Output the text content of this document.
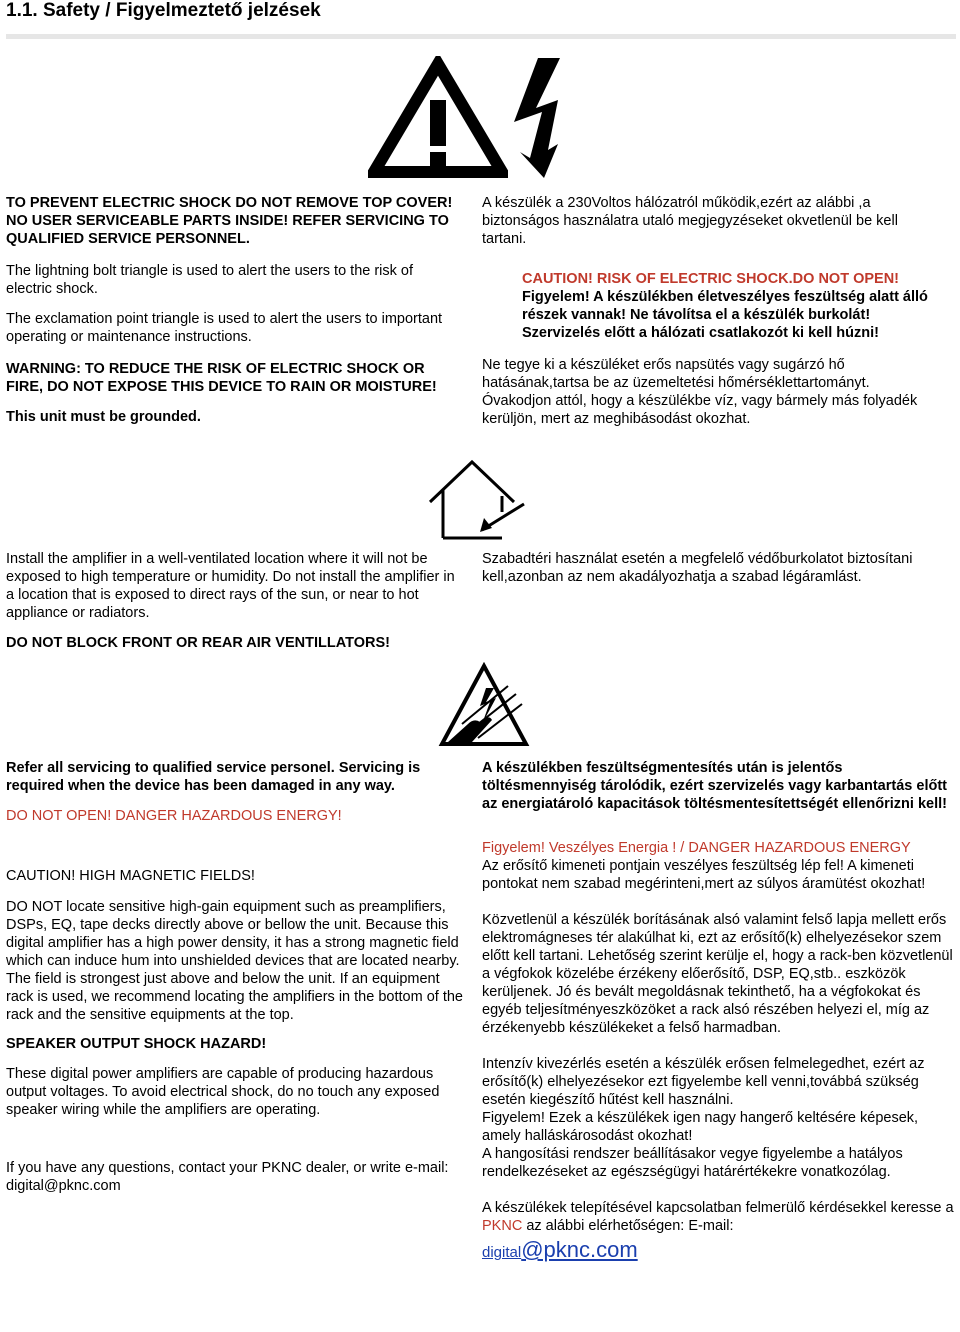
1.1. Safety / Figyelmeztető jelzések

TO PREVENT ELECTRIC SHOCK DO NOT REMOVE TOP COVER! NO USER SERVICEABLE PARTS INSIDE! REFER SERVICING TO QUALIFIED SERVICE PERSONNEL.

The lightning bolt triangle is used to alert the users to the risk of electric shock.

The exclamation point triangle is used to alert the users to important operating or maintenance instructions.

WARNING: TO REDUCE THE RISK OF ELECTRIC SHOCK OR FIRE, DO NOT EXPOSE THIS DEVICE TO RAIN OR MOISTURE!

This unit must be grounded.

A készülék a 230Voltos hálózatról működik,ezért az alábbi ,a biztonságos használatra utaló megjegyzéseket okvetlenül be kell tartani.

CAUTION! RISK OF ELECTRIC SHOCK.DO NOT OPEN!

Figyelem! A készülékben életveszélyes feszültség alatt álló részek vannak! Ne távolítsa el a készülék burkolát! Szervizelés előtt a hálózati csatlakozót ki kell húzni!

Ne tegye ki a készüléket erős napsütés vagy sugárzó hő hatásának,tartsa be az üzemeltetési hőmérséklettartományt. Óvakodjon attól, hogy a készülékbe víz, vagy bármely más folyadék kerüljön, mert az meghibásodást okozhat.

Install the amplifier in a well-ventilated location where it will not be exposed to high temperature or humidity. Do not install the amplifier in a location that is exposed to direct rays of the sun, or near to hot appliance or radiators.

DO NOT BLOCK FRONT OR REAR AIR VENTILLATORS!

Szabadtéri használat esetén a megfelelő védőburkolatot biztosítani kell,azonban az nem akadályozhatja a szabad légáramlást.

Refer all servicing to qualified service personel. Servicing is required when the device has been damaged in any way.

DO NOT OPEN! DANGER HAZARDOUS ENERGY!

CAUTION! HIGH MAGNETIC FIELDS!

DO NOT locate sensitive high-gain equipment such as preamplifiers, DSPs, EQ, tape decks directly above or bellow the unit. Because this digital amplifier has a high power density, it has a strong magnetic field which can induce hum into unshielded devices that are located nearby. The field is strongest just above and below the unit. If an equipment rack is used, we recommend locating the amplifiers in the bottom of the rack and the sensitive equipments at the top.

SPEAKER OUTPUT SHOCK HAZARD!

These digital power amplifiers are capable of producing hazardous output voltages. To avoid electrical shock, do no touch any exposed speaker wiring while the amplifiers are operating.

If you have any questions, contact your PKNC dealer, or write e-mail: digital@pknc.com

A készülékben feszültségmentesítés után is jelentős töltésmennyiség tárolódik, ezért szervizelés vagy karbantartás előtt az energiatároló kapacitások töltésmentesítettségét ellenőrizni kell!

Figyelem! Veszélyes Energia ! / DANGER HAZARDOUS ENERGY

Az erősítő kimeneti pontjain veszélyes feszültség lép fel! A kimeneti pontokat nem szabad megérinteni,mert az súlyos áramütést okozhat!

Közvetlenül a készülék borításának alsó valamint felső lapja mellett erős elektromágneses tér alakúlhat ki, ezt az erősítő(k) elhelyezésekor szem előtt kell tartani. Lehetőség szerint kerülje el, hogy a rack-ben közvetlenül a végfokok közelébe érzékeny előerősítő, DSP, EQ,stb.. eszközök kerüljenek. Jó és bevált megoldásnak tekinthető, ha a végfokokat és egyéb teljesítményeszközöket a rack alsó részében helyezi el, míg az érzékenyebb készülékeket a felső harmadban.

Intenzív kivezérlés esetén a készülék erősen felmelegedhet, ezért az erősítő(k) elhelyezésekor ezt figyelembe kell venni,továbbá szükség esetén kiegészítő hűtést kell használni.

Figyelem! Ezek a készülékek igen nagy hangerő keltésére képesek, amely halláskárosodást okozhat!

A hangosítási rendszer beállításakor vegye figyelembe a hatályos rendelkezéseket az egészségügyi határértékekre vonatkozólag.

A készülékek telepítésével kapcsolatban felmerülő kérdésekkel keresse a PKNC az alábbi elérhetőségen: E-mail:

digital@pknc.com
